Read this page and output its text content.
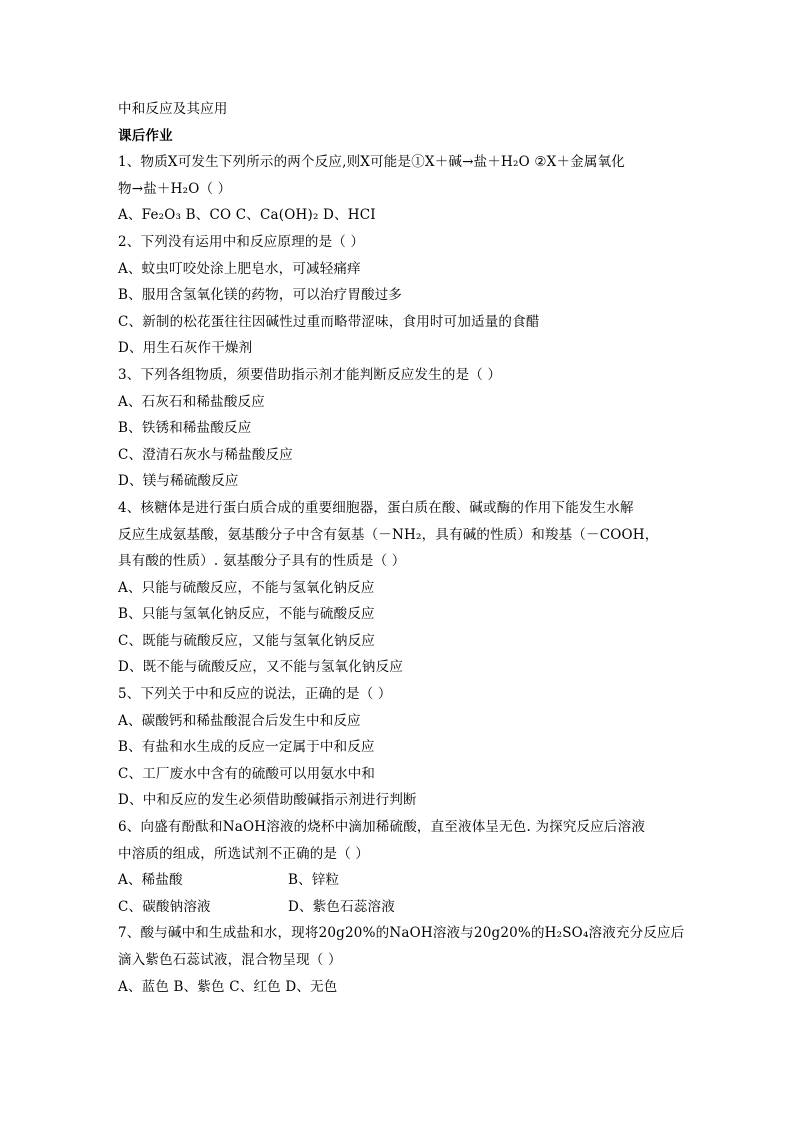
中和反应及其应用
课后作业
1、物质X可发生下列所示的两个反应,则X可能是①X＋碱→盐＋H₂O ②X＋金属氧化
物→盐＋H₂O（ ）
A、Fe₂O₃ B、CO C、Ca(OH)₂ D、HCI
2、下列没有运用中和反应原理的是（ ）
A、蚊虫叮咬处涂上肥皂水，可减轻痛痒
B、服用含氢氧化镁的药物，可以治疗胃酸过多
C、新制的松花蛋往往因碱性过重而略带涩味，食用时可加适量的食醋
D、用生石灰作干燥剂
3、下列各组物质，须要借助指示剂才能判断反应发生的是（ ）
A、石灰石和稀盐酸反应
B、铁锈和稀盐酸反应
C、澄清石灰水与稀盐酸反应
D、镁与稀硫酸反应
4、核糖体是进行蛋白质合成的重要细胞器，蛋白质在酸、碱或酶的作用下能发生水解
反应生成氨基酸，氨基酸分子中含有氨基（－NH₂，具有碱的性质）和羧基（－COOH，
具有酸的性质）. 氨基酸分子具有的性质是（ ）
A、只能与硫酸反应，不能与氢氧化钠反应
B、只能与氢氧化钠反应，不能与硫酸反应
C、既能与硫酸反应，又能与氢氧化钠反应
D、既不能与硫酸反应，又不能与氢氧化钠反应
5、下列关于中和反应的说法，正确的是（ ）
A、碳酸钙和稀盐酸混合后发生中和反应
B、有盐和水生成的反应一定属于中和反应
C、工厂废水中含有的硫酸可以用氨水中和
D、中和反应的发生必须借助酸碱指示剂进行判断
6、向盛有酚酞和NaOH溶液的烧杯中滴加稀硫酸，直至液体呈无色. 为探究反应后溶液
中溶质的组成，所选试剂不正确的是（ ）
A、稀盐酸	B、锌粒
C、碳酸钠溶液	D、紫色石蕊溶液
7、酸与碱中和生成盐和水，现将20g20%的NaOH溶液与20g20%的H₂SO₄溶液充分反应后
滴入紫色石蕊试液，混合物呈现（ ）
A、蓝色 B、紫色 C、红色 D、无色
